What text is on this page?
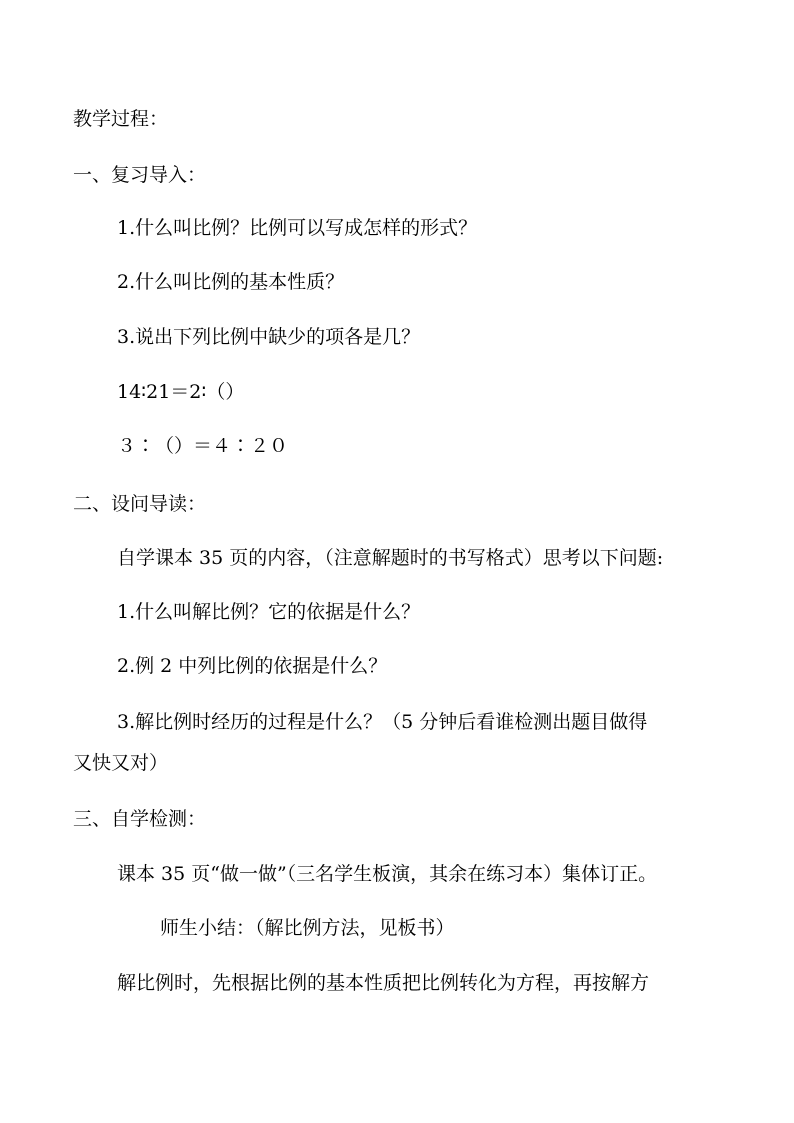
教学过程：
一、复习导入：
1.什么叫比例？比例可以写成怎样的形式？
2.什么叫比例的基本性质？
3.说出下列比例中缺少的项各是几？
14∶21＝2∶（）
３∶（）＝４∶２０
二、设问导读：
自学课本 35 页的内容，（注意解题时的书写格式）思考以下问题:
1.什么叫解比例？它的依据是什么？
2.例 2 中列比例的依据是什么？
3.解比例时经历的过程是什么？（5 分钟后看谁检测出题目做得
又快又对）
三、自学检测：
课本 35 页“做一做”（三名学生板演，其余在练习本）集体订正。
师生小结：（解比例方法，见板书）
解比例时，先根据比例的基本性质把比例转化为方程，再按解方
